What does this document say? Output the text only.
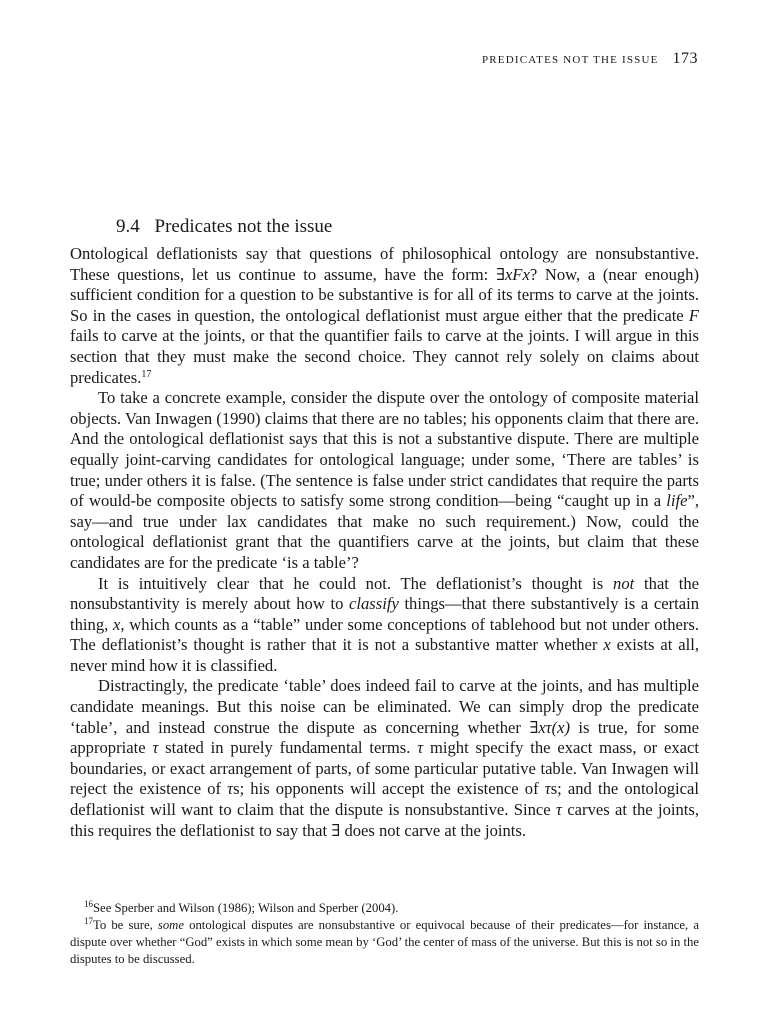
PREDICATES NOT THE ISSUE 173
9.4 Predicates not the issue

Ontological deflationists say that questions of philosophical ontology are nonsubstantive. These questions, let us continue to assume, have the form: ∃xFx? Now, a (near enough) sufficient condition for a question to be substantive is for all of its terms to carve at the joints. So in the cases in question, the ontological deflationist must argue either that the predicate F fails to carve at the joints, or that the quantifier fails to carve at the joints. I will argue in this section that they must make the second choice. They cannot rely solely on claims about predicates.$^{17}$

To take a concrete example, consider the dispute over the ontology of composite material objects. Van Inwagen (1990) claims that there are no tables; his opponents claim that there are. And the ontological deflationist says that this is not a substantive dispute. There are multiple equally joint-carving candidates for ontological language; under some, ‘There are tables’ is true; under others it is false. (The sentence is false under strict candidates that require the parts of would-be composite objects to satisfy some strong condition—being “caught up in a life”, say—and true under lax candidates that make no such requirement.) Now, could the ontological deflationist grant that the quantifiers carve at the joints, but claim that these candidates are for the predicate ‘is a table’?

It is intuitively clear that he could not. The deflationist’s thought is not that the nonsubstantivity is merely about how to classify things—that there substantively is a certain thing, x, which counts as a “table” under some conceptions of tablehood but not under others. The deflationist’s thought is rather that it is not a substantive matter whether x exists at all, never mind how it is classified.

Distractingly, the predicate ‘table’ does indeed fail to carve at the joints, and has multiple candidate meanings. But this noise can be eliminated. We can simply drop the predicate ‘table’, and instead construe the dispute as concerning whether ∃xτ(x) is true, for some appropriate τ stated in purely fundamental terms. τ might specify the exact mass, or exact boundaries, or exact arrangement of parts, of some particular putative table. Van Inwagen will reject the existence of τs; his opponents will accept the existence of τs; and the ontological deflationist will want to claim that the dispute is nonsubstantive. Since τ carves at the joints, this requires the deflationist to say that ∃ does not carve at the joints.

$^{16}$See Sperber and Wilson (1986); Wilson and Sperber (2004).

$^{17}$To be sure, some ontological disputes are nonsubstantive or equivocal because of their predicates—for instance, a dispute over whether “God” exists in which some mean by ‘God’ the center of mass of the universe. But this is not so in the disputes to be discussed.
